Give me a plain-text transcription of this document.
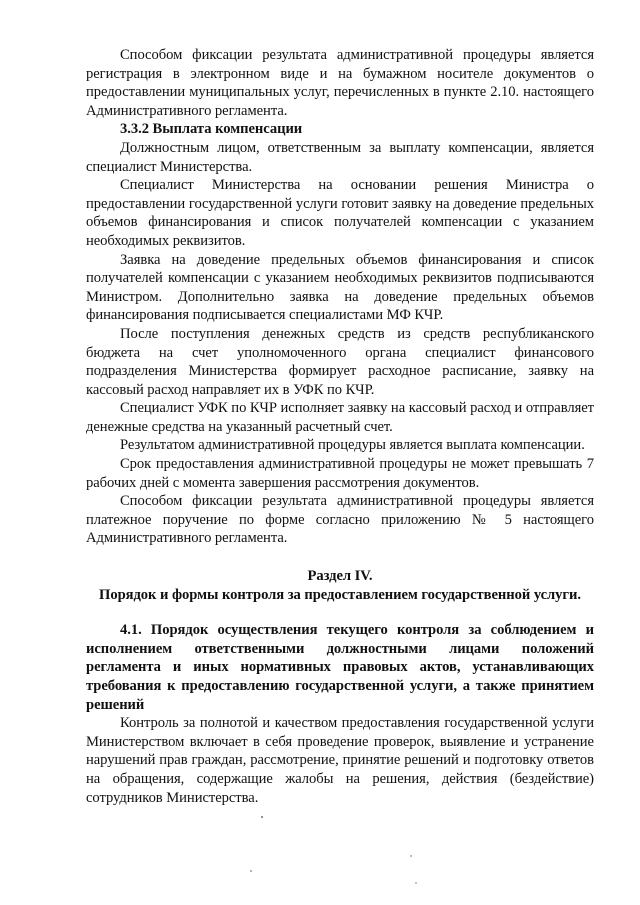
Способом фиксации результата административной процедуры является регистрация в электронном виде и на бумажном носителе документов о предоставлении муниципальных услуг, перечисленных в пункте 2.10. настоящего Административного регламента.

3.3.2 Выплата компенсации

Должностным лицом, ответственным за выплату компенсации, является специалист Министерства.

Специалист Министерства на основании решения Министра о предоставлении государственной услуги готовит заявку на доведение предельных объемов финансирования и список получателей компенсации с указанием необходимых реквизитов.

Заявка на доведение предельных объемов финансирования и список получателей компенсации с указанием необходимых реквизитов подписываются Министром. Дополнительно заявка на доведение предельных объемов финансирования подписывается специалистами МФ КЧР.

После поступления денежных средств из средств республиканского бюджета на счет уполномоченного органа специалист финансового подразделения Министерства формирует расходное расписание, заявку на кассовый расход направляет их в УФК по КЧР.

Специалист УФК по КЧР исполняет заявку на кассовый расход и отправляет денежные средства на указанный расчетный счет.

Результатом административной процедуры является выплата компенсации.

Срок предоставления административной процедуры не может превышать 7 рабочих дней с момента завершения рассмотрения документов.

Способом фиксации результата административной процедуры является платежное поручение по форме согласно приложению № 5 настоящего Административного регламента.

Раздел IV.

Порядок и формы контроля за предоставлением государственной услуги.

4.1. Порядок осуществления текущего контроля за соблюдением и исполнением ответственными должностными лицами положений регламента и иных нормативных правовых актов, устанавливающих требования к предоставлению государственной услуги, а также принятием решений

Контроль за полнотой и качеством предоставления государственной услуги Министерством включает в себя проведение проверок, выявление и устранение нарушений прав граждан, рассмотрение, принятие решений и подготовку ответов на обращения, содержащие жалобы на решения, действия (бездействие) сотрудников Министерства.
